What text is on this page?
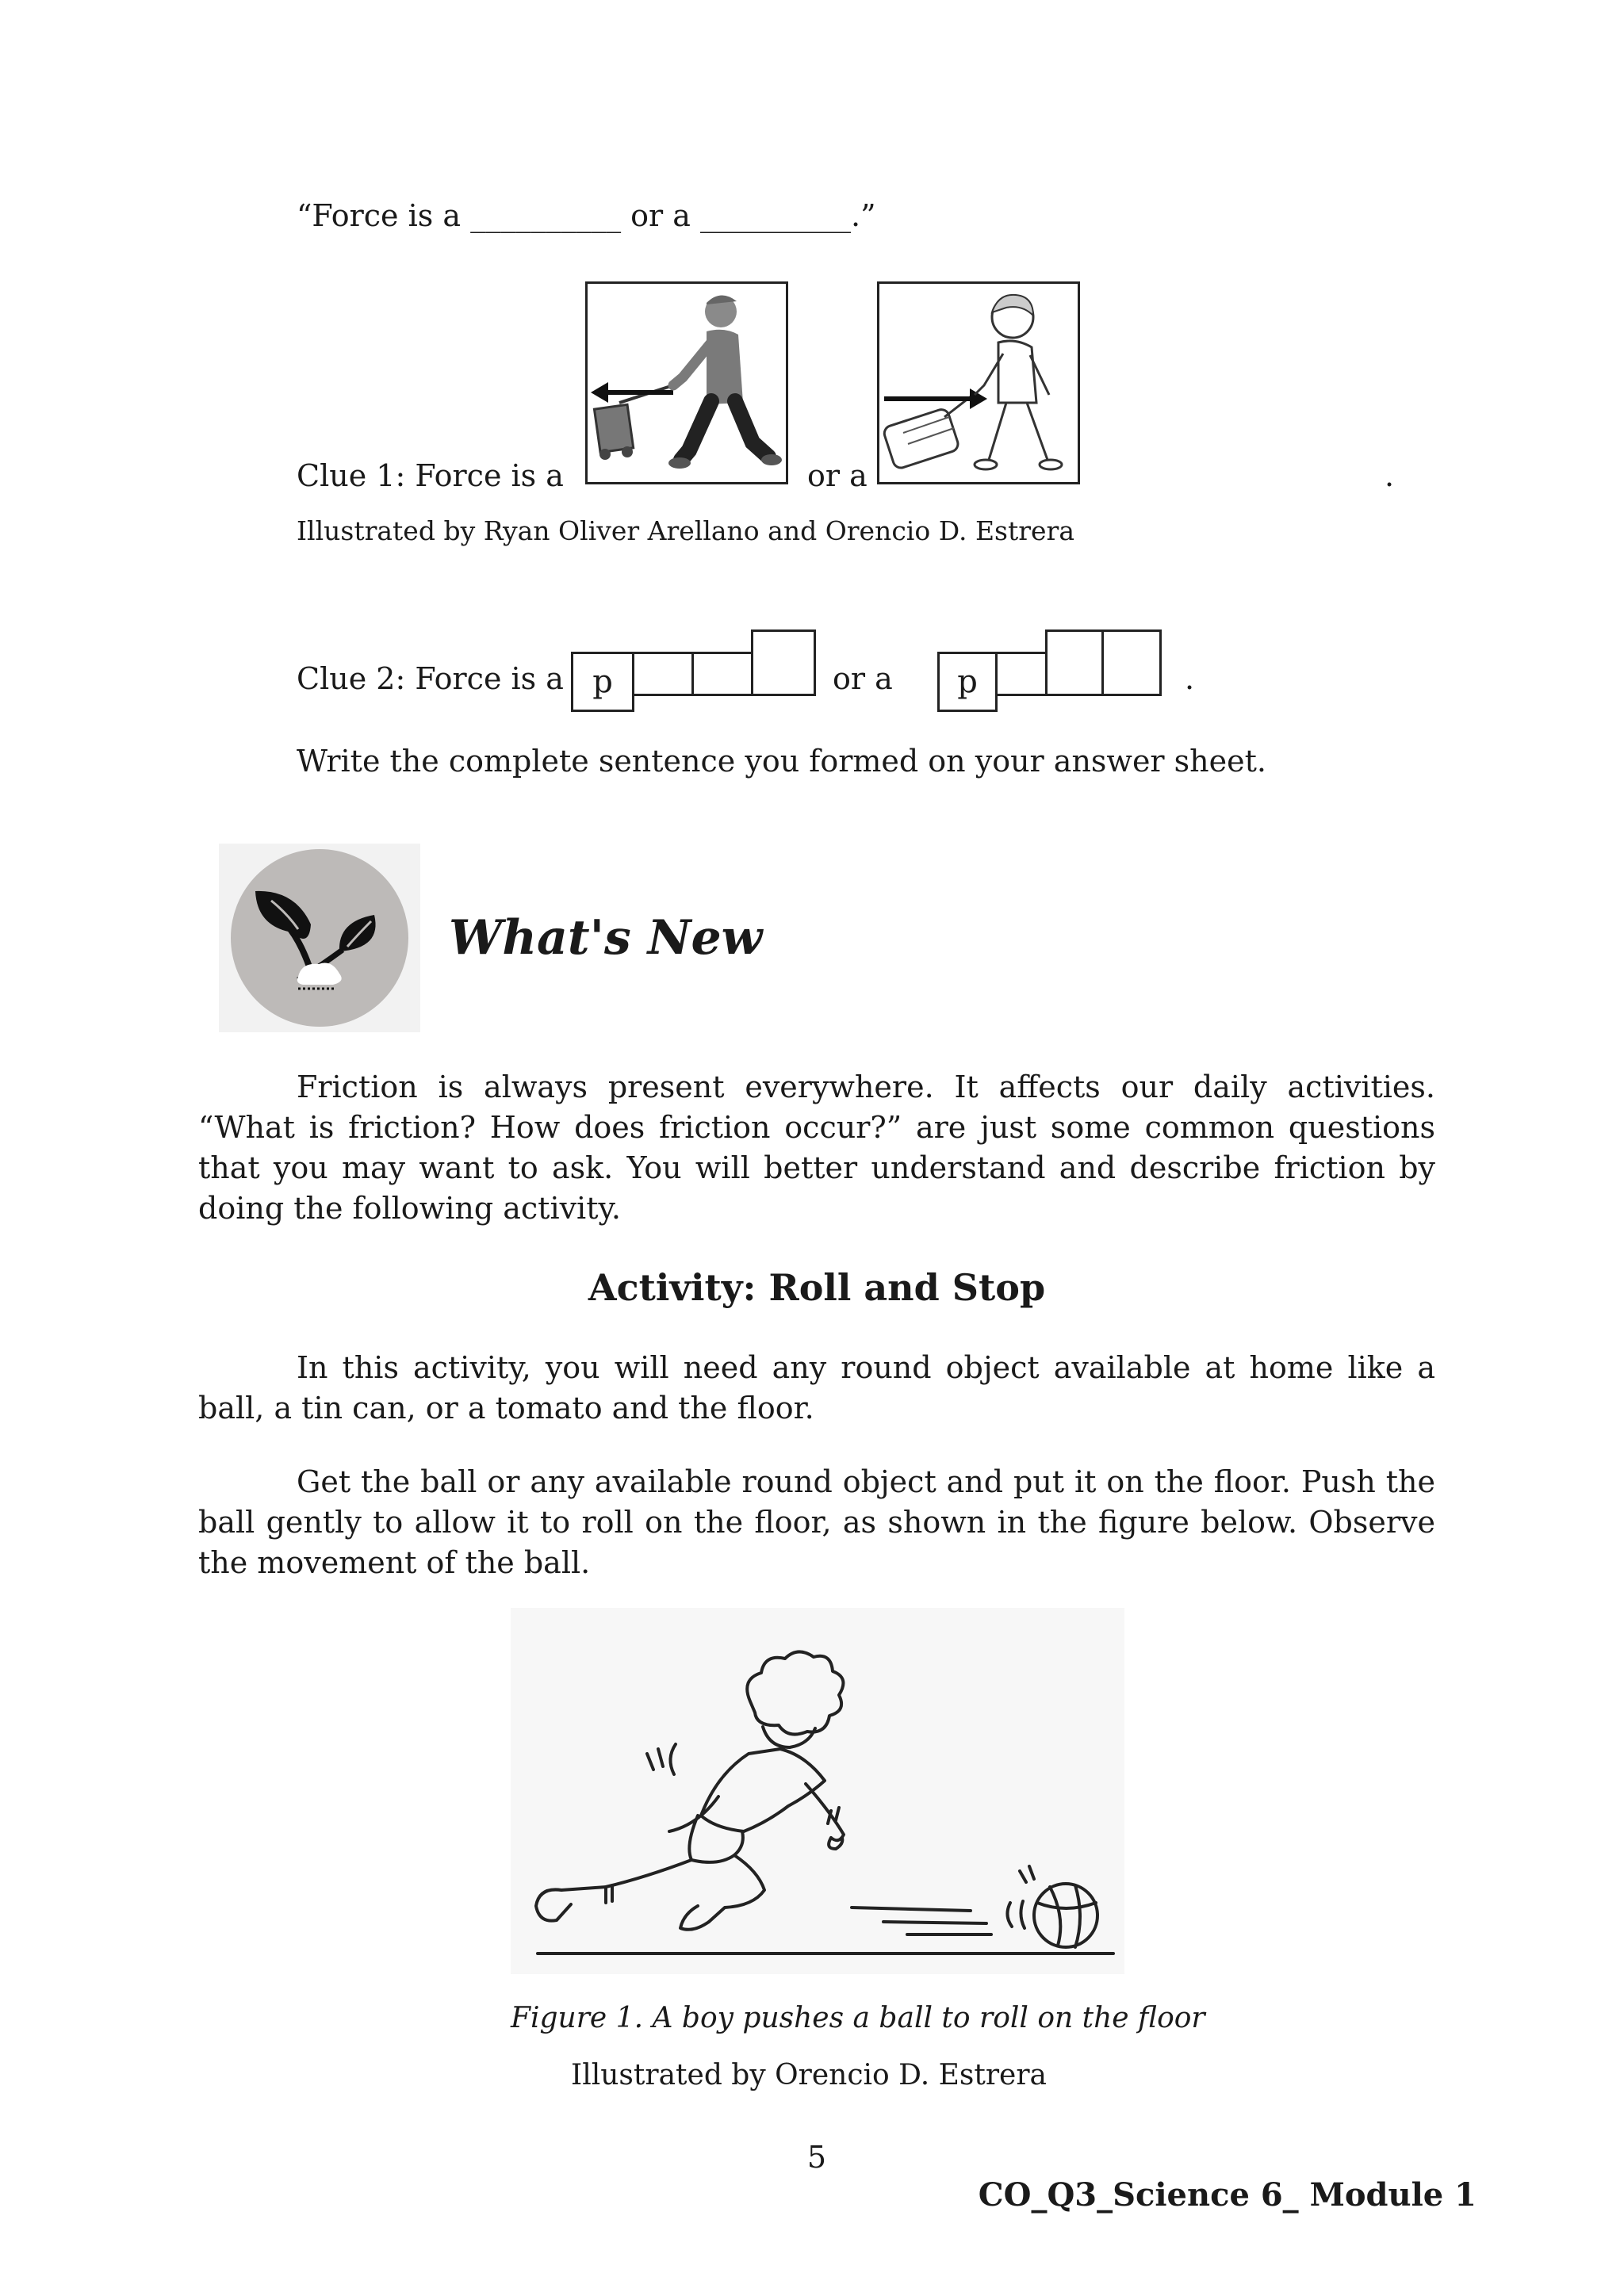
“Force is a __________ or a __________.”
Clue 1: Force is a	or a	.
Illustrated by Ryan Oliver Arellano and Orencio D. Estrera
Clue 2: Force is a p	or a	p	.
Write the complete sentence you formed on your answer sheet.
What's New
Friction is always present everywhere. It affects our daily activities. “What is friction? How does friction occur?” are just some common questions that you may want to ask. You will better understand and describe friction by doing the following activity.
Activity: Roll and Stop
In this activity, you will need any round object available at home like a ball, a tin can, or a tomato and the floor.
Get the ball or any available round object and put it on the floor. Push the ball gently to allow it to roll on the floor, as shown in the figure below. Observe the movement of the ball.
Figure 1. A boy pushes a ball to roll on the floor
Illustrated by Orencio D. Estrera
5
CO_Q3_Science 6_ Module 1
